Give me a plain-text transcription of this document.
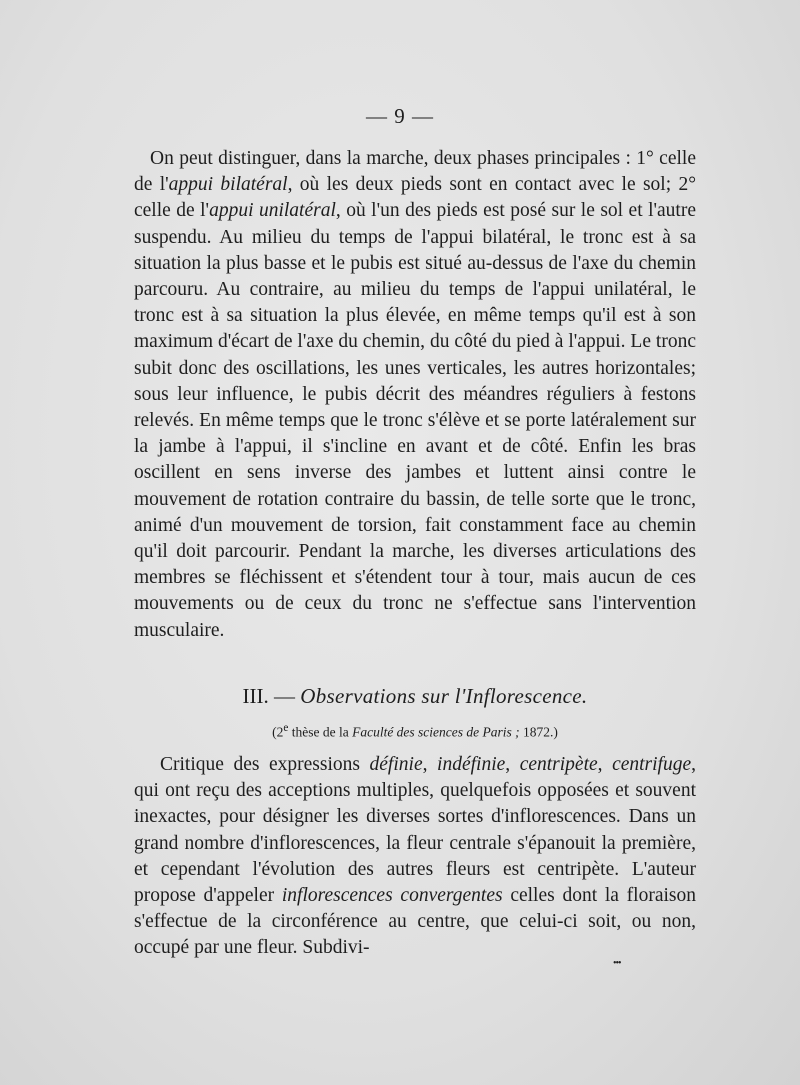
— 9 —

On peut distinguer, dans la marche, deux phases principales : 1° celle de l'appui bilatéral, où les deux pieds sont en contact avec le sol; 2° celle de l'appui unilatéral, où l'un des pieds est posé sur le sol et l'autre suspendu. Au milieu du temps de l'appui bilatéral, le tronc est à sa situation la plus basse et le pubis est situé au-dessus de l'axe du chemin parcouru. Au contraire, au milieu du temps de l'appui unilatéral, le tronc est à sa situation la plus élevée, en même temps qu'il est à son maximum d'écart de l'axe du chemin, du côté du pied à l'appui. Le tronc subit donc des oscillations, les unes verticales, les autres horizontales; sous leur influence, le pubis décrit des méandres réguliers à festons relevés. En même temps que le tronc s'élève et se porte latéralement sur la jambe à l'appui, il s'incline en avant et de côté. Enfin les bras oscillent en sens inverse des jambes et luttent ainsi contre le mouvement de rotation contraire du bassin, de telle sorte que le tronc, animé d'un mouvement de torsion, fait constamment face au chemin qu'il doit parcourir. Pendant la marche, les diverses articulations des membres se fléchissent et s'étendent tour à tour, mais aucun de ces mouvements ou de ceux du tronc ne s'effectue sans l'intervention musculaire.

III. — Observations sur l'Inflorescence.
(2e thèse de la Faculté des sciences de Paris ; 1872.)

Critique des expressions définie, indéfinie, centripète, centrifuge, qui ont reçu des acceptions multiples, quelquefois opposées et souvent inexactes, pour désigner les diverses sortes d'inflorescences. Dans un grand nombre d'inflorescences, la fleur centrale s'épanouit la première, et cependant l'évolution des autres fleurs est centripète. L'auteur propose d'appeler inflorescences convergentes celles dont la floraison s'effectue de la circonférence au centre, que celui-ci soit, ou non, occupé par une fleur. Subdivi-

•••
